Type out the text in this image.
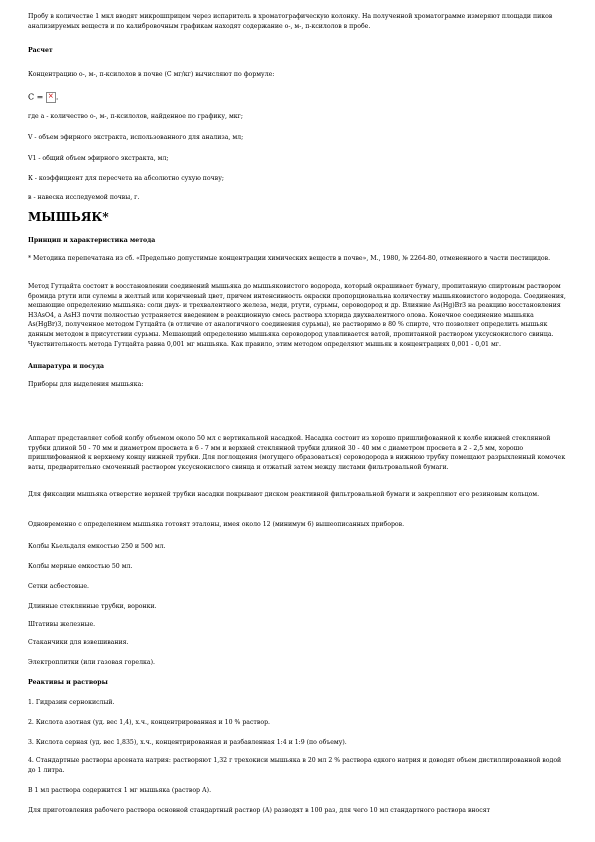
Пробу в количестве 1 мкл вводят микрошприцем через испаритель в хроматографическую колонку. На полученной хроматограмме измеряют площади пиков анализируемых веществ и по калибровочным графикам находят содержание о-, м-, п-ксилолов в пробе.

Расчет

Концентрацию о-, м-, п-ксилолов в почве (С мг/кг) вычисляют по формуле:

С = ×.

где a - количество о-, м-, п-ксилолов, найденное по графику, мкг;

V - объем эфирного экстракта, использованного для анализа, мл;

V1 - общий объем эфирного экстракта, мл;

К - коэффициент для пересчета на абсолютно сухую почву;

в - навеска исследуемой почвы, г.

МЫШЬЯК*

Принцип и характеристика метода

* Методика перепечатана из сб. «Предельно допустимые концентрации химических веществ в почве», М., 1980, № 2264-80, отмененного в части пестицидов.

Метод Гутцайта состоит в восстановлении соединений мышьяка до мышьяковистого водорода, который окрашивает бумагу, пропитанную спиртовым раствором бромида ртути или сулемы в желтый или коричневый цвет, причем интенсивность окраски пропорциональна количеству мышьяковистого водорода. Соединения, мешающие определению мышьяка: соли двух- и трехвалентного железа, меди, ртути, сурьмы, сероводород и др. Влияние As(Hg)Br3 на реакцию восстановления H3AsO4, а AsH3 почти полностью устраняется введением в реакционную смесь раствора хлорида двухвалентного олова. Конечное соединение мышьяка As(HgBr)3, полученное методом Гутцайта (в отличие от аналогичного соединения сурьмы), не растворимо в 80 % спирте, что позволяет определить мышьяк данным методом в присутствии сурьмы. Мешающий определению мышьяка сероводород улавливается ватой, пропитанной раствором уксуснокислого свинца. Чувствительность метода Гутцайта равна 0,001 мг мышьяка. Как правило, этим методом определяют мышьяк в концентрациях 0,001 - 0,01 мг.

Аппаратура и посуда

Приборы для выделения мышьяка:

Аппарат представляет собой колбу объемом около 50 мл с вертикальной насадкой. Насадка состоит из хорошо пришлифованной к колбе нижней стеклянной трубки длиной 50 - 70 мм и диаметром просвета в 6 - 7 мм и верхней стеклянной трубки длиной 30 - 40 мм с диаметром просвета в 2 - 2,5 мм, хорошо пришлифованной к верхнему концу нижней трубки. Для поглощения (могущего образоваться) сероводорода в нижнюю трубку помещают разрыхленный комочек ваты, предварительно смоченный раствором уксуснокислого свинца и отжатый затем между листами фильтровальной бумаги.

Для фиксации мышьяка отверстие верхней трубки насадки покрывают диском реактивной фильтровальной бумаги и закрепляют его резиновым кольцом.

Одновременно с определением мышьяка готовят эталоны, имея около 12 (минимум 6) вышеописанных приборов.

Колбы Кьельдаля емкостью 250 и 500 мл.

Колбы мерные емкостью 50 мл.

Сетки асбестовые.

Длинные стеклянные трубки, воронки.

Штативы железные.

Стаканчики для взвешивания.

Электроплитки (или газовая горелка).

Реактивы и растворы

1. Гидразин сернокислый.

2. Кислота азотная (уд. вес 1,4), х.ч., концентрированная и 10 % раствор.

3. Кислота серная (уд. вес 1,835), х.ч., концентрированная и разбавленная 1:4 и 1:9 (по объему).

4. Стандартные растворы арсената натрия: растворяют 1,32 г трехокиси мышьяка в 20 мл 2 % раствора едкого натрия и доводят объем дистиллированной водой до 1 литра.

В 1 мл раствора содержится 1 мг мышьяка (раствор А).

Для приготовления рабочего раствора основной стандартный раствор (А) разводят в 100 раз, для чего 10 мл стандартного раствора вносят
